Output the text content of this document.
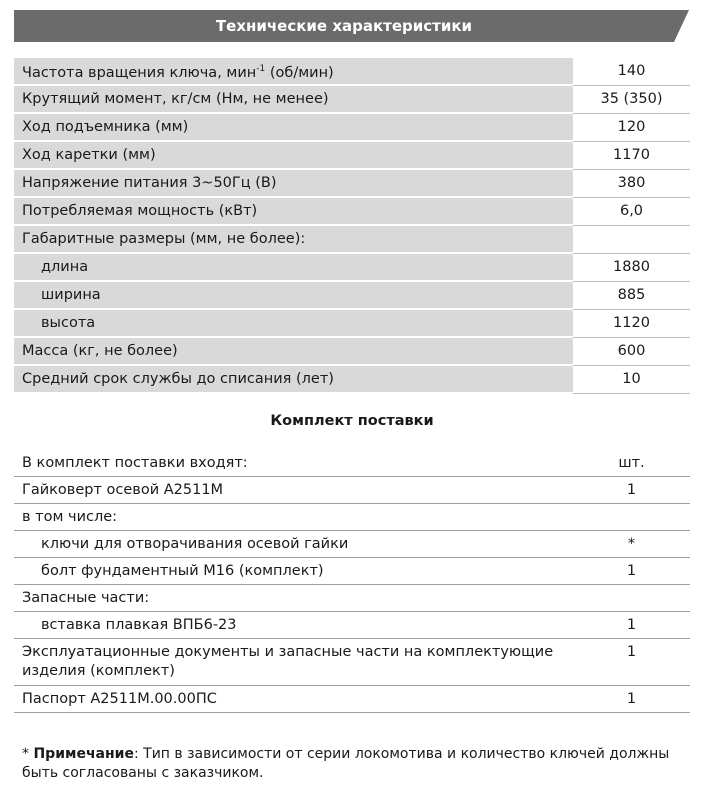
Технические характеристики
Частота вращения ключа, мин$^{-1}$ (об/мин)	140
Крутящий момент, кг/см (Нм, не менее)	35 (350)
Ход подъемника (мм)	120
Ход каретки (мм)	1170
Напряжение питания 3~50Гц (В)	380
Потребляемая мощность (кВт)	6,0
Габаритные размеры (мм, не более):	
длина	1880
ширина	885
высота	1120
Масса (кг, не более)	600
Средний срок службы до списания (лет)	10
Комплект поставки
В комплект поставки входят:	шт.
Гайковерт осевой А2511М	1
в том числе:	
ключи для отворачивания осевой гайки	*
болт фундаментный М16 (комплект)	1
Запасные части:	
вставка плавкая ВПБ6-23	1
Эксплуатационные документы и запасные части на комплектующие изделия (комплект)	1
Паспорт А2511М.00.00ПС	1
* Примечание: Тип в зависимости от серии локомотива и количество ключей должны быть согласованы с заказчиком.
